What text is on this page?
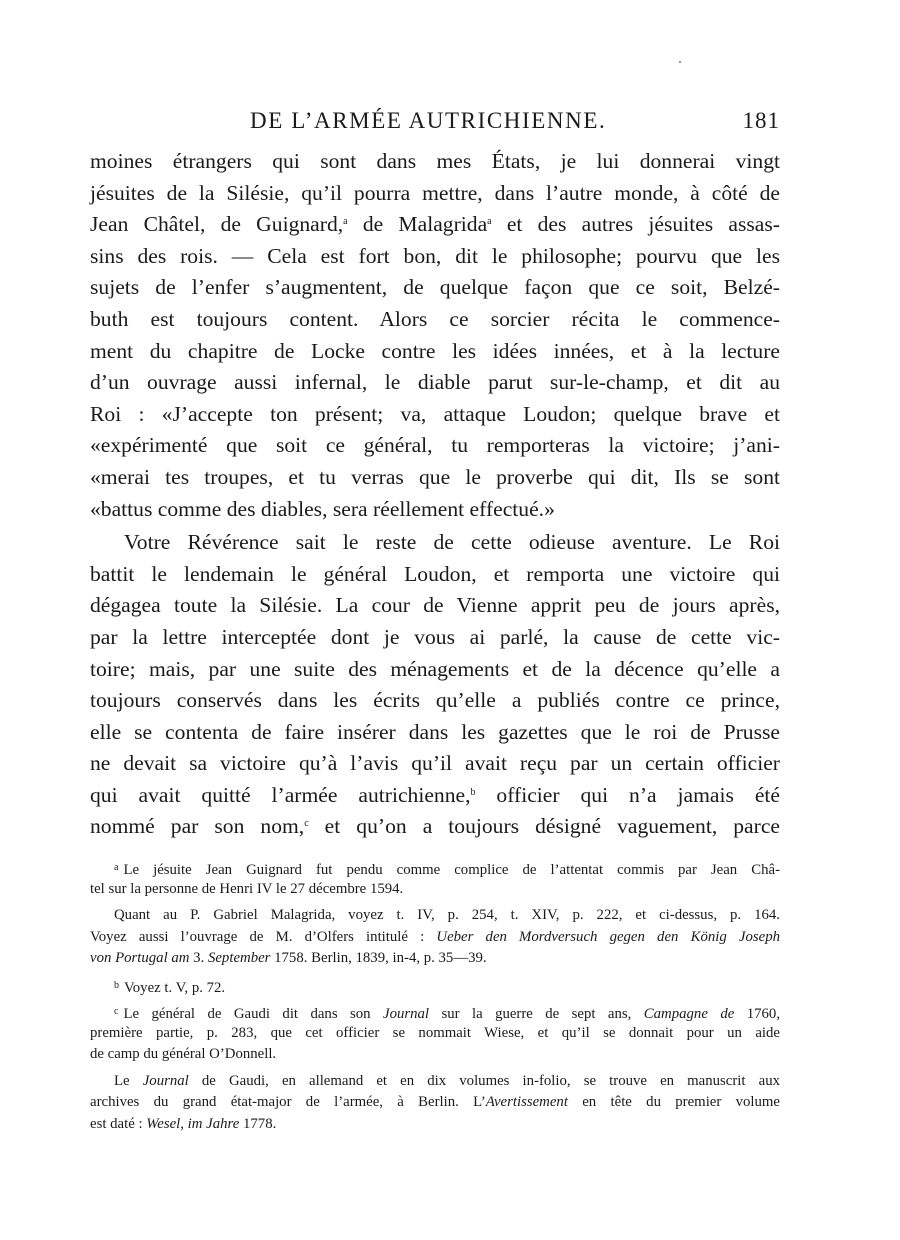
DE L’ARMÉE AUTRICHIENNE.	181
moines étrangers qui sont dans mes États, je lui donnerai vingt
jésuites de la Silésie, qu’il pourra mettre, dans l’autre monde, à côté de
Jean Châtel, de Guignard,$^a$ de Malagrida$^a$ et des autres jésuites assas-
sins des rois. — Cela est fort bon, dit le philosophe; pourvu que les
sujets de l’enfer s’augmentent, de quelque façon que ce soit, Belzé-
buth est toujours content. Alors ce sorcier récita le commence-
ment du chapitre de Locke contre les idées innées, et à la lecture
d’un ouvrage aussi infernal, le diable parut sur-le-champ, et dit au
Roi : «J’accepte ton présent; va, attaque Loudon; quelque brave et
«expérimenté que soit ce général, tu remporteras la victoire; j’ani-
«merai tes troupes, et tu verras que le proverbe qui dit, Ils se sont
«battus comme des diables, sera réellement effectué.»
Votre Révérence sait le reste de cette odieuse aventure. Le Roi
battit le lendemain le général Loudon, et remporta une victoire qui
dégagea toute la Silésie. La cour de Vienne apprit peu de jours après,
par la lettre interceptée dont je vous ai parlé, la cause de cette vic-
toire; mais, par une suite des ménagements et de la décence qu’elle a
toujours conservés dans les écrits qu’elle a publiés contre ce prince,
elle se contenta de faire insérer dans les gazettes que le roi de Prusse
ne devait sa victoire qu’à l’avis qu’il avait reçu par un certain officier
qui avait quitté l’armée autrichienne,$^b$ officier qui n’a jamais été
nommé par son nom,$^c$ et qu’on a toujours désigné vaguement, parce
$^a$ Le jésuite Jean Guignard fut pendu comme complice de l’attentat commis par Jean Châ-
tel sur la personne de Henri IV le 27 décembre 1594.
Quant au P. Gabriel Malagrida, voyez t. IV, p. 254, t. XIV, p. 222, et ci-dessus, p. 164.
Voyez aussi l’ouvrage de M. d’Olfers intitulé : Ueber den Mordversuch gegen den König Joseph
von Portugal am 3. September 1758. Berlin, 1839, in-4, p. 35—39.
$^b$ Voyez t. V, p. 72.
$^c$ Le général de Gaudi dit dans son Journal sur la guerre de sept ans, Campagne de 1760,
première partie, p. 283, que cet officier se nommait Wiese, et qu’il se donnait pour un aide
de camp du général O’Donnell.
Le Journal de Gaudi, en allemand et en dix volumes in-folio, se trouve en manuscrit aux
archives du grand état-major de l’armée, à Berlin. L’Avertissement en tête du premier volume
est daté : Wesel, im Jahre 1778.
